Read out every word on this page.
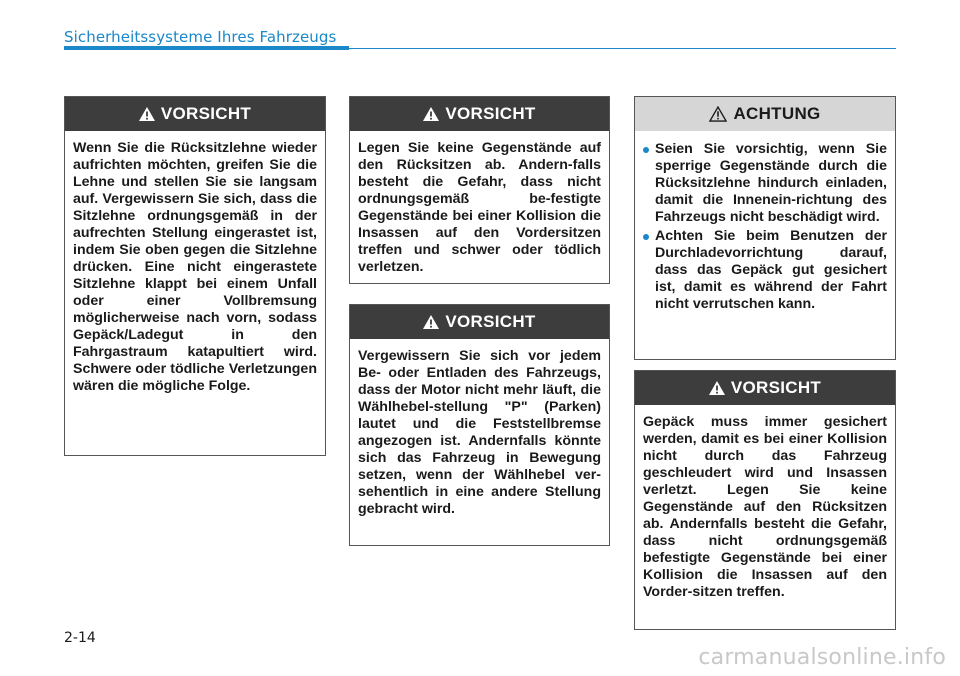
Sicherheitssysteme Ihres Fahrzeugs
VORSICHT
Wenn Sie die Rücksitzlehne wieder aufrichten möchten, greifen Sie die Lehne und stellen Sie sie langsam auf. Vergewissern Sie sich, dass die Sitzlehne ordnungsgemäß in der aufrechten Stellung eingerastet ist, indem Sie oben gegen die Sitzlehne drücken. Eine nicht eingerastete Sitzlehne klappt bei einem Unfall oder einer Vollbremsung möglicherweise nach vorn, sodass Gepäck/Ladegut in den Fahrgastraum katapultiert wird. Schwere oder tödliche Verletzungen wären die mögliche Folge.
VORSICHT
Legen Sie keine Gegenstände auf den Rücksitzen ab. Andern-falls besteht die Gefahr, dass nicht ordnungsgemäß be-festigte Gegenstände bei einer Kollision die Insassen auf den Vordersitzen treffen und schwer oder tödlich verletzen.
VORSICHT
Vergewissern Sie sich vor jedem Be- oder Entladen des Fahrzeugs, dass der Motor nicht mehr läuft, die Wählhebel-stellung "P" (Parken) lautet und die Feststellbremse angezogen ist. Andernfalls könnte sich das Fahrzeug in Bewegung setzen, wenn der Wählhebel ver-sehentlich in eine andere Stellung gebracht wird.
ACHTUNG
Seien Sie vorsichtig, wenn Sie sperrige Gegenstände durch die Rücksitzlehne hindurch einladen, damit die Innenein-richtung des Fahrzeugs nicht beschädigt wird.
Achten Sie beim Benutzen der Durchladevorrichtung darauf, dass das Gepäck gut gesichert ist, damit es während der Fahrt nicht verrutschen kann.
VORSICHT
Gepäck muss immer gesichert werden, damit es bei einer Kollision nicht durch das Fahrzeug geschleudert wird und Insassen verletzt. Legen Sie keine Gegenstände auf den Rücksitzen ab. Andernfalls besteht die Gefahr, dass nicht ordnungsgemäß befestigte Gegenstände bei einer Kollision die Insassen auf den Vorder-sitzen treffen.
2-14
carmanualsonline.info
